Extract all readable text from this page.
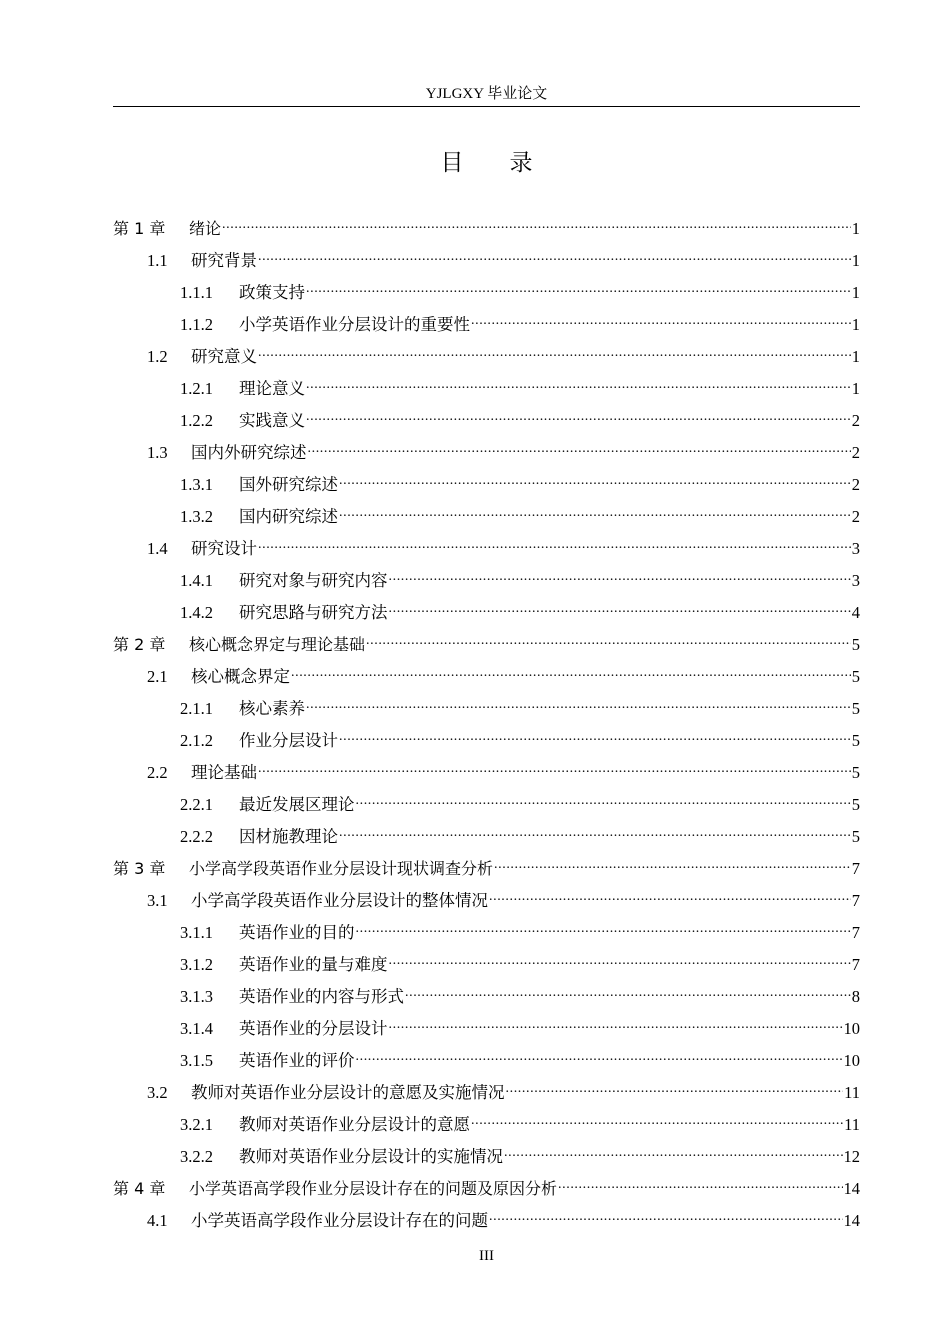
YJLGXY 毕业论文
目录
第 1 章	绪论 .....	1
1.1	研究背景 .....	1
1.1.1	政策支持 .....	1
1.1.2	小学英语作业分层设计的重要性 .....	1
1.2	研究意义 .....	1
1.2.1	理论意义 .....	1
1.2.2	实践意义 .....	2
1.3	国内外研究综述 .....	2
1.3.1	国外研究综述 .....	2
1.3.2	国内研究综述 .....	2
1.4	研究设计 .....	3
1.4.1	研究对象与研究内容 .....	3
1.4.2	研究思路与研究方法 .....	4
第 2 章	核心概念界定与理论基础 .....	5
2.1	核心概念界定 .....	5
2.1.1	核心素养 .....	5
2.1.2	作业分层设计 .....	5
2.2	理论基础 .....	5
2.2.1	最近发展区理论 .....	5
2.2.2	因材施教理论 .....	5
第 3 章	小学高学段英语作业分层设计现状调查分析 .....	7
3.1	小学高学段英语作业分层设计的整体情况 .....	7
3.1.1	英语作业的目的 .....	7
3.1.2	英语作业的量与难度 .....	7
3.1.3	英语作业的内容与形式 .....	8
3.1.4	英语作业的分层设计 .....	10
3.1.5	英语作业的评价 .....	10
3.2	教师对英语作业分层设计的意愿及实施情况 .....	11
3.2.1	教师对英语作业分层设计的意愿 .....	11
3.2.2	教师对英语作业分层设计的实施情况 .....	12
第 4 章	小学英语高学段作业分层设计存在的问题及原因分析 .....	14
4.1	小学英语高学段作业分层设计存在的问题 .....	14
III
